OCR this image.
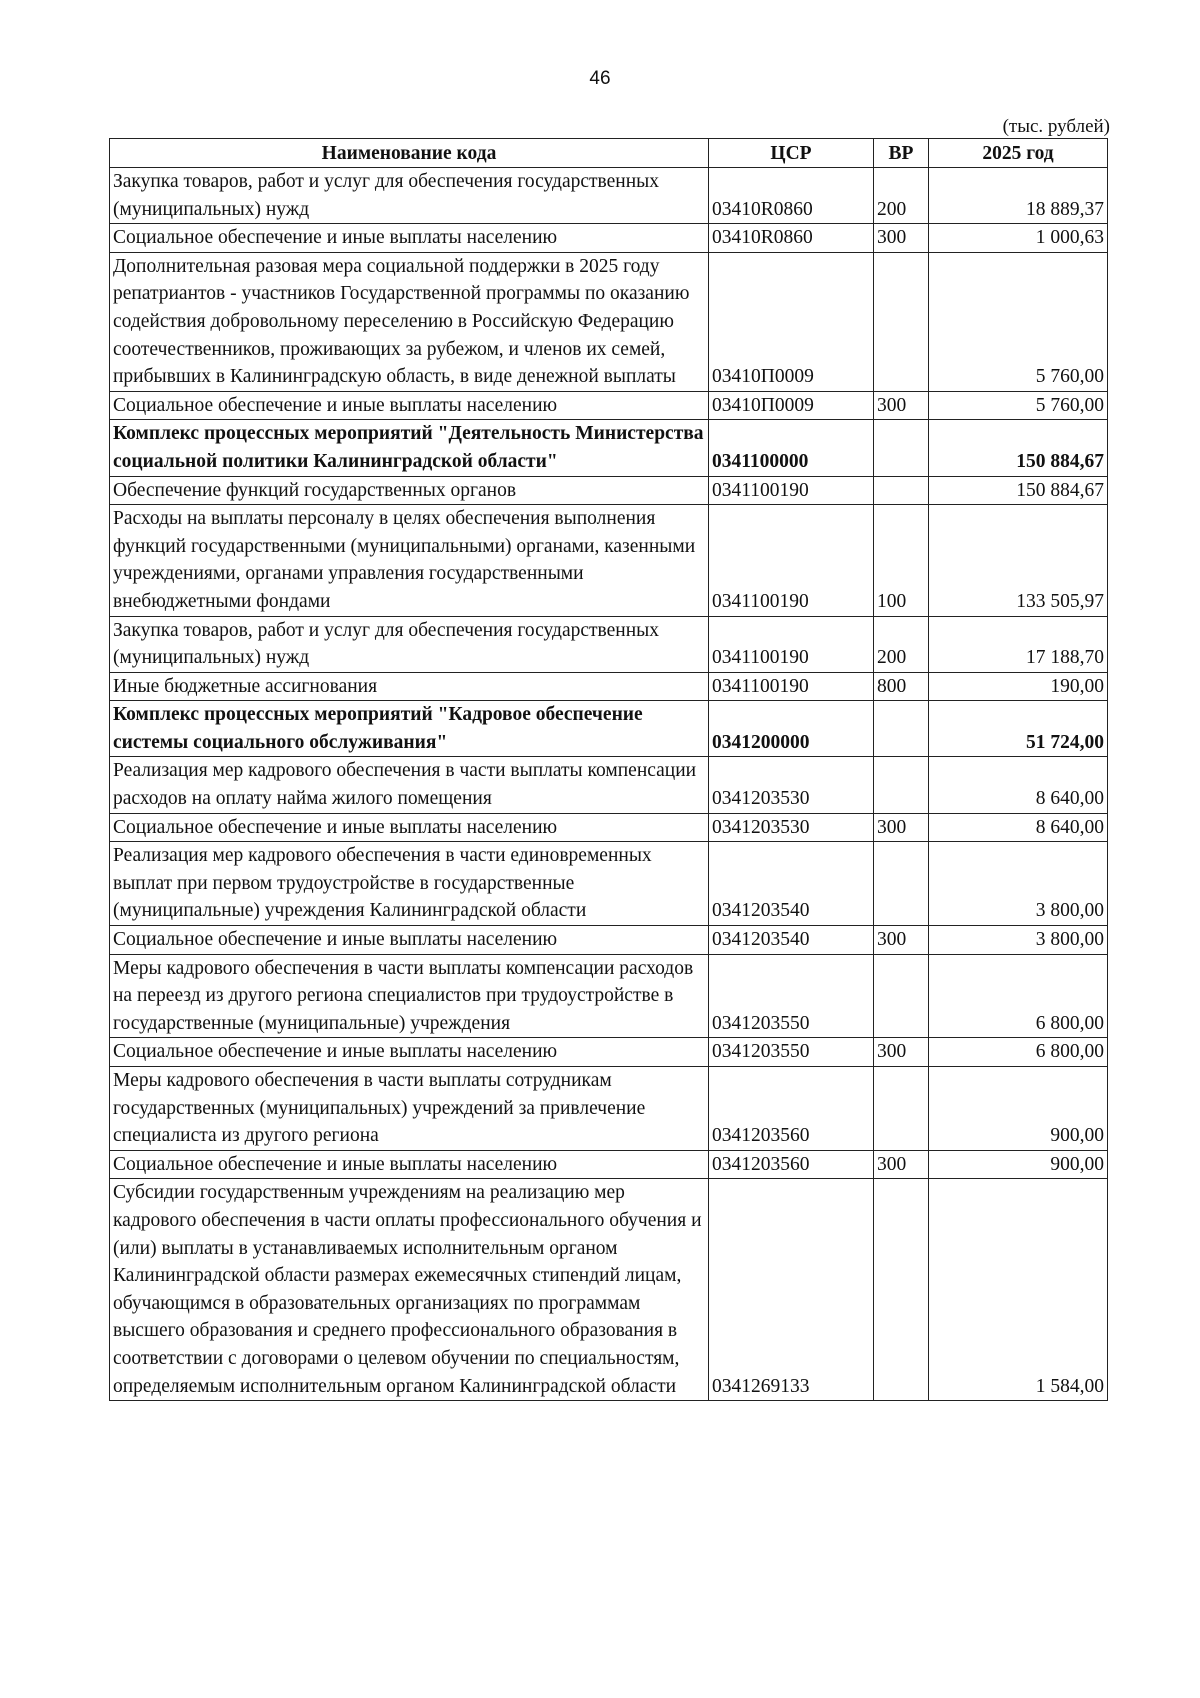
46
(тыс. рублей)
Наименование кода	ЦСР	ВР	2025 год
Закупка товаров, работ и услуг для обеспечения государственных (муниципальных) нужд	03410R0860	200	18 889,37
Социальное обеспечение и иные выплаты населению	03410R0860	300	1 000,63
Дополнительная разовая мера социальной поддержки в 2025 году репатриантов - участников Государственной программы по оказанию содействия добровольному переселению в Российскую Федерацию соотечественников, проживающих за рубежом, и членов их семей, прибывших в Калининградскую область, в виде денежной выплаты	03410П0009		5 760,00
Социальное обеспечение и иные выплаты населению	03410П0009	300	5 760,00
Комплекс процессных мероприятий "Деятельность Министерства социальной политики Калининградской области"	0341100000		150 884,67
Обеспечение функций государственных органов	0341100190		150 884,67
Расходы на выплаты персоналу в целях обеспечения выполнения функций государственными (муниципальными) органами, казенными учреждениями, органами управления государственными внебюджетными фондами	0341100190	100	133 505,97
Закупка товаров, работ и услуг для обеспечения государственных (муниципальных) нужд	0341100190	200	17 188,70
Иные бюджетные ассигнования	0341100190	800	190,00
Комплекс процессных мероприятий "Кадровое обеспечение системы социального обслуживания"	0341200000		51 724,00
Реализация мер кадрового обеспечения в части выплаты компенсации расходов на оплату найма жилого помещения	0341203530		8 640,00
Социальное обеспечение и иные выплаты населению	0341203530	300	8 640,00
Реализация мер кадрового обеспечения в части единовременных выплат при первом трудоустройстве в государственные (муниципальные) учреждения Калининградской области	0341203540		3 800,00
Социальное обеспечение и иные выплаты населению	0341203540	300	3 800,00
Меры кадрового обеспечения в части выплаты компенсации расходов на переезд из другого региона специалистов при трудоустройстве в государственные (муниципальные) учреждения	0341203550		6 800,00
Социальное обеспечение и иные выплаты населению	0341203550	300	6 800,00
Меры кадрового обеспечения в части выплаты сотрудникам государственных (муниципальных) учреждений за привлечение специалиста из другого региона	0341203560		900,00
Социальное обеспечение и иные выплаты населению	0341203560	300	900,00
Субсидии государственным учреждениям на реализацию мер кадрового обеспечения в части оплаты профессионального обучения и (или) выплаты в устанавливаемых исполнительным органом Калининградской области размерах ежемесячных стипендий лицам, обучающимся в образовательных организациях по программам высшего образования и среднего профессионального образования в соответствии с договорами о целевом обучении по специальностям, определяемым исполнительным органом Калининградской области	0341269133		1 584,00
